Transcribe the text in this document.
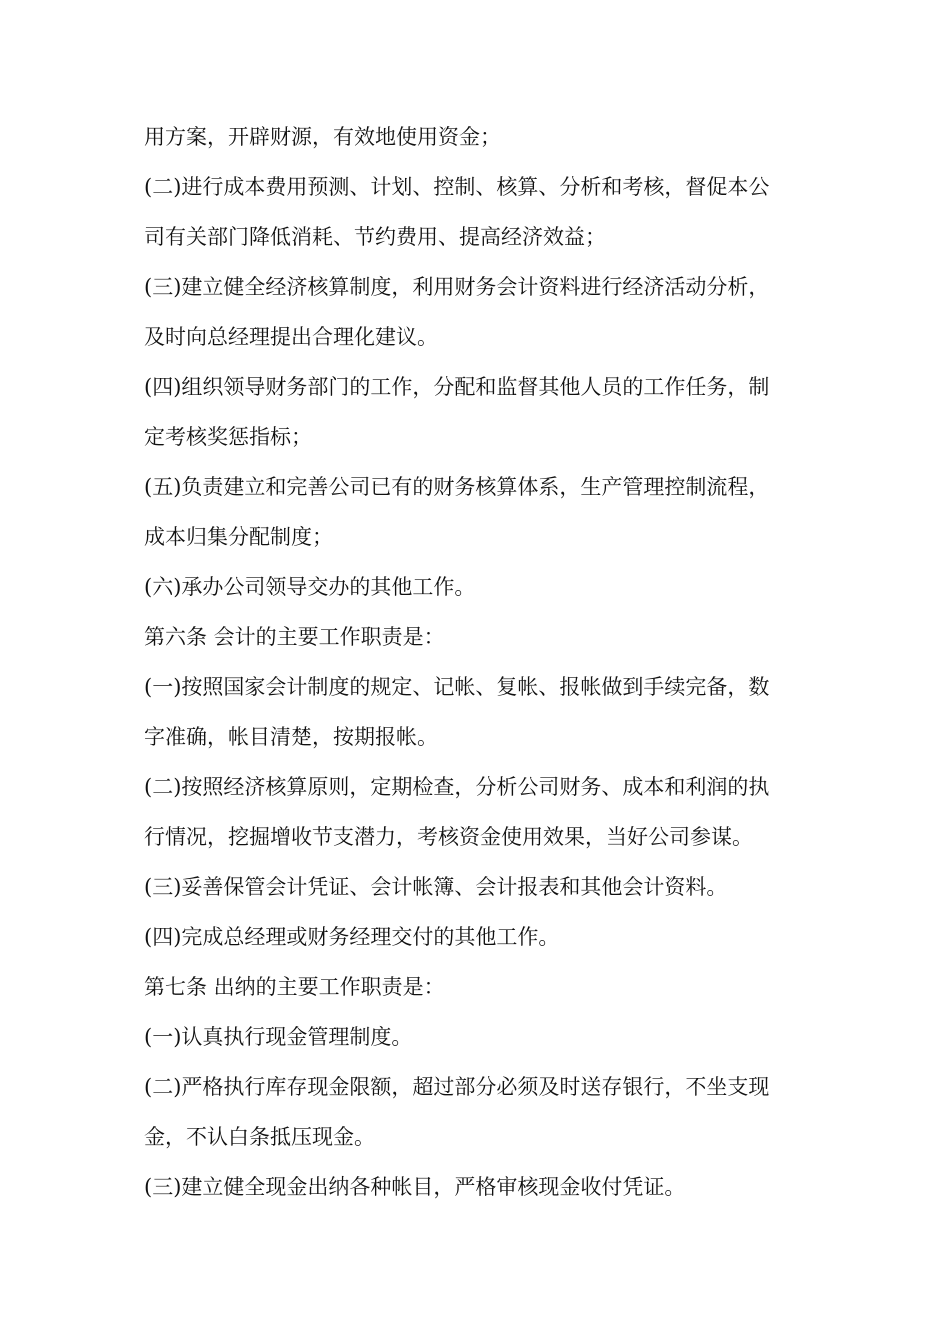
用方案，开辟财源，有效地使用资金；
(二)进行成本费用预测、计划、控制、核算、分析和考核，督促本公
司有关部门降低消耗、节约费用、提高经济效益；
(三)建立健全经济核算制度，利用财务会计资料进行经济活动分析，
及时向总经理提出合理化建议。
(四)组织领导财务部门的工作，分配和监督其他人员的工作任务，制
定考核奖惩指标；
(五)负责建立和完善公司已有的财务核算体系，生产管理控制流程，
成本归集分配制度；
(六)承办公司领导交办的其他工作。
第六条 会计的主要工作职责是：
(一)按照国家会计制度的规定、记帐、复帐、报帐做到手续完备，数
字准确，帐目清楚，按期报帐。
(二)按照经济核算原则，定期检查，分析公司财务、成本和利润的执
行情况，挖掘增收节支潜力，考核资金使用效果，当好公司参谋。
(三)妥善保管会计凭证、会计帐簿、会计报表和其他会计资料。
(四)完成总经理或财务经理交付的其他工作。
第七条 出纳的主要工作职责是：
(一)认真执行现金管理制度。
(二)严格执行库存现金限额，超过部分必须及时送存银行，不坐支现
金，不认白条抵压现金。
(三)建立健全现金出纳各种帐目，严格审核现金收付凭证。
